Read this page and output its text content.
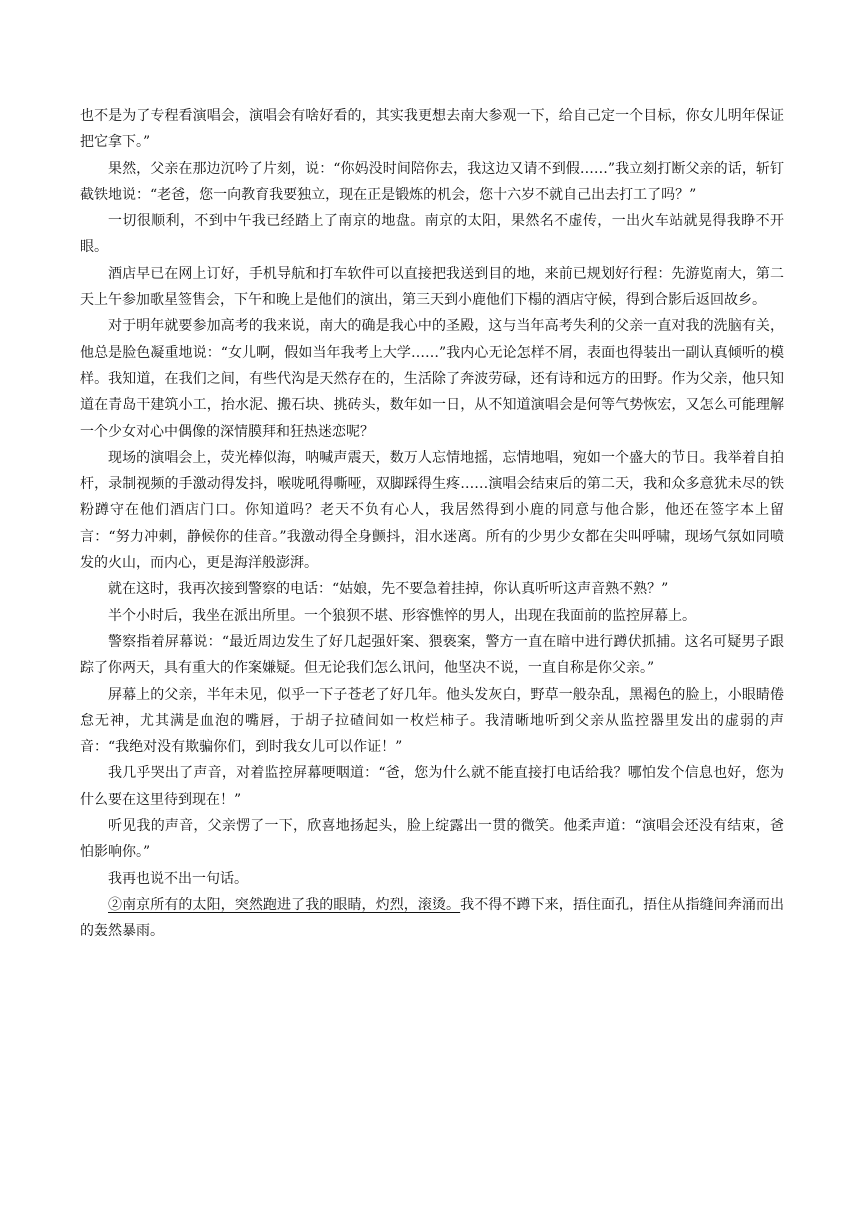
也不是为了专程看演唱会，演唱会有啥好看的，其实我更想去南大参观一下，给自己定一个目标，你女儿明年保证把它拿下。”

果然，父亲在那边沉吟了片刻，说：“你妈没时间陪你去，我这边又请不到假……”我立刻打断父亲的话，斩钉截铁地说：“老爸，您一向教育我要独立，现在正是锻炼的机会，您十六岁不就自己出去打工了吗？”

一切很顺利，不到中午我已经踏上了南京的地盘。南京的太阳，果然名不虚传，一出火车站就晃得我睁不开眼。

酒店早已在网上订好，手机导航和打车软件可以直接把我送到目的地，来前已规划好行程：先游览南大，第二天上午参加歌星签售会，下午和晚上是他们的演出，第三天到小鹿他们下榻的酒店守候，得到合影后返回故乡。

对于明年就要参加高考的我来说，南大的确是我心中的圣殿，这与当年高考失利的父亲一直对我的洗脑有关，他总是脸色凝重地说：“女儿啊，假如当年我考上大学……”我内心无论怎样不屑，表面也得装出一副认真倾听的模样。我知道，在我们之间，有些代沟是天然存在的，生活除了奔波劳碌，还有诗和远方的田野。作为父亲，他只知道在青岛干建筑小工，抬水泥、搬石块、挑砖头，数年如一日，从不知道演唱会是何等气势恢宏，又怎么可能理解一个少女对心中偶像的深情膜拜和狂热迷恋呢？

现场的演唱会上，荧光棒似海，呐喊声震天，数万人忘情地摇，忘情地唱，宛如一个盛大的节日。我举着自拍杆，录制视频的手激动得发抖，喉咙吼得嘶哑，双脚踩得生疼……演唱会结束后的第二天，我和众多意犹未尽的铁粉蹲守在他们酒店门口。你知道吗？老天不负有心人，我居然得到小鹿的同意与他合影，他还在签字本上留言：“努力冲刺，静候你的佳音。”我激动得全身颤抖，泪水迷离。所有的少男少女都在尖叫呼啸，现场气氛如同喷发的火山，而内心，更是海洋般澎湃。

就在这时，我再次接到警察的电话：“姑娘，先不要急着挂掉，你认真听听这声音熟不熟？”

半个小时后，我坐在派出所里。一个狼狈不堪、形容憔悴的男人，出现在我面前的监控屏幕上。

警察指着屏幕说：“最近周边发生了好几起强奸案、猥亵案，警方一直在暗中进行蹲伏抓捕。这名可疑男子跟踪了你两天，具有重大的作案嫌疑。但无论我们怎么讯问，他坚决不说，一直自称是你父亲。”

屏幕上的父亲，半年未见，似乎一下子苍老了好几年。他头发灰白，野草一般杂乱，黑褐色的脸上，小眼睛倦怠无神，尤其满是血泡的嘴唇，于胡子拉碴间如一枚烂柿子。我清晰地听到父亲从监控器里发出的虚弱的声音：“我绝对没有欺骗你们，到时我女儿可以作证！”

我几乎哭出了声音，对着监控屏幕哽咽道：“爸，您为什么就不能直接打电话给我？哪怕发个信息也好，您为什么要在这里待到现在！”

听见我的声音，父亲愣了一下，欣喜地扬起头，脸上绽露出一贯的微笑。他柔声道：“演唱会还没有结束，爸怕影响你。”

我再也说不出一句话。

②南京所有的太阳，突然跑进了我的眼睛，灼烈，滚烫。我不得不蹲下来，捂住面孔，捂住从指缝间奔涌而出的轰然暴雨。
